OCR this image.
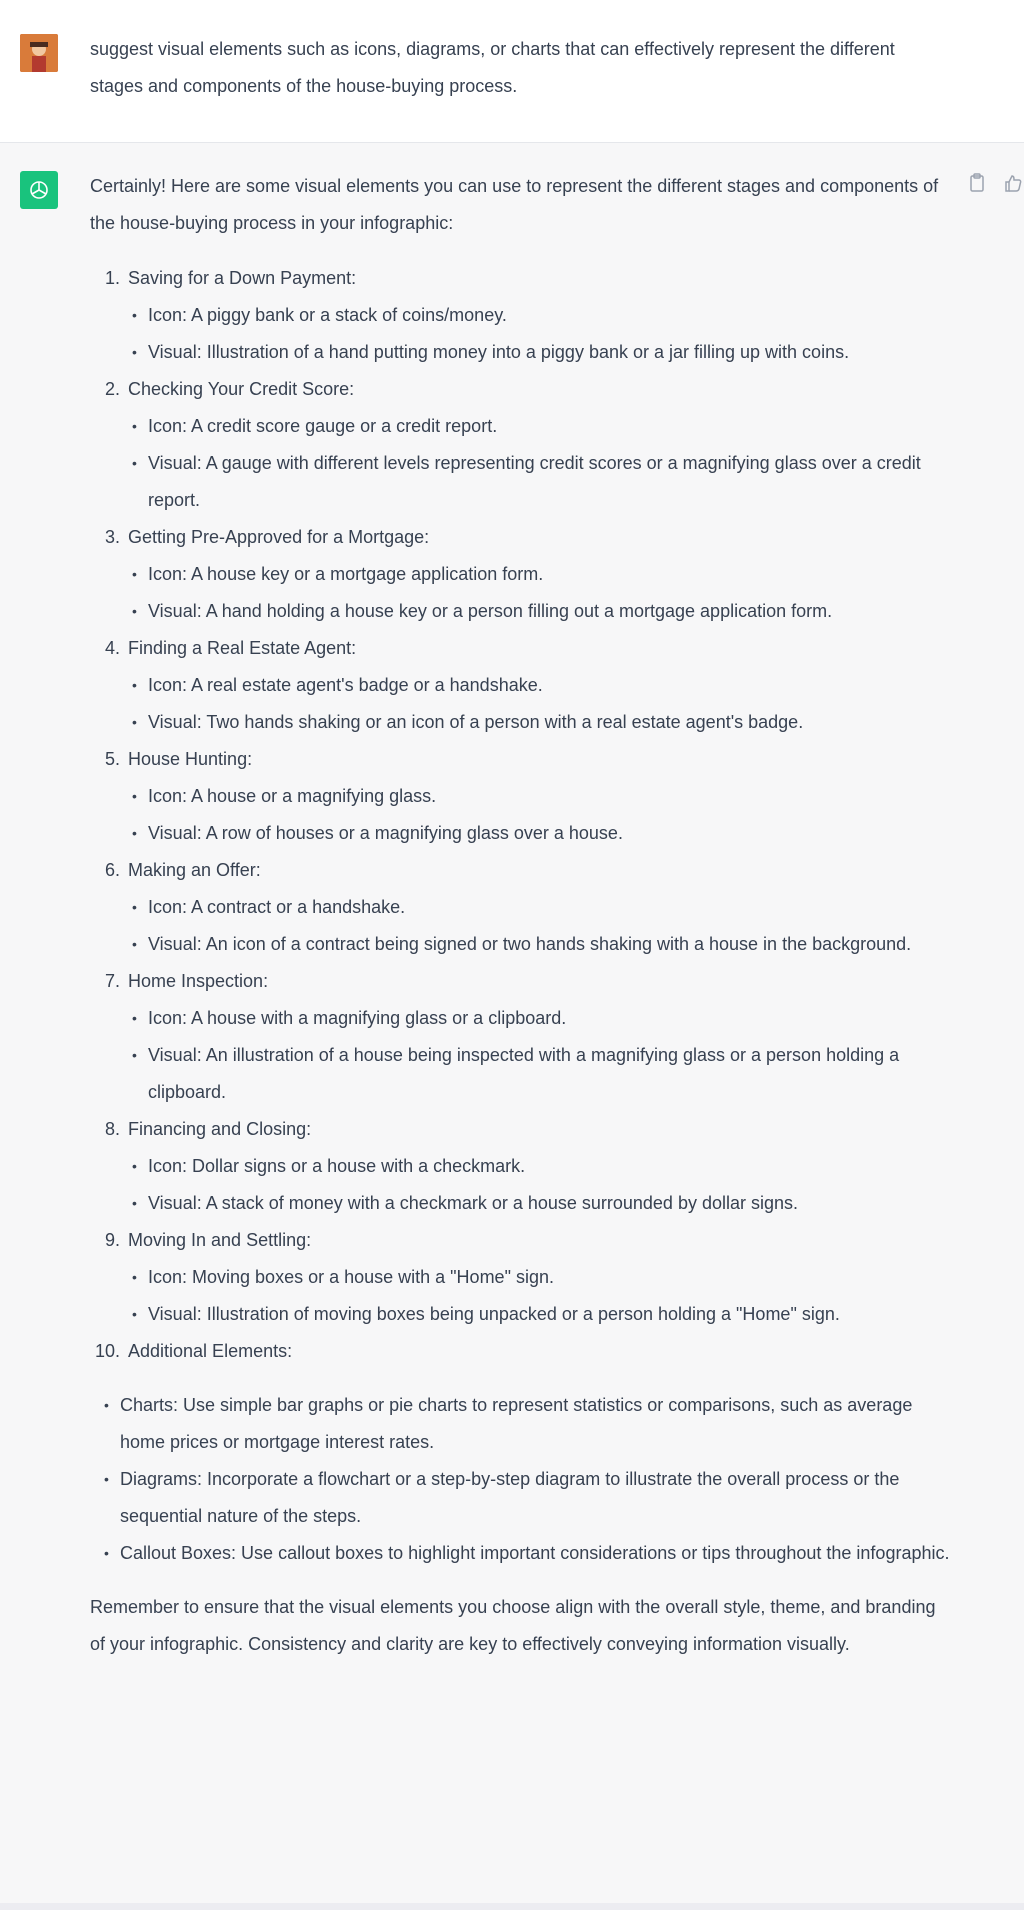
suggest visual elements such as icons, diagrams, or charts that can effectively represent the different stages and components of the house-buying process.

Certainly! Here are some visual elements you can use to represent the different stages and components of the house-buying process in your infographic:

1. Saving for a Down Payment:

• Icon: A piggy bank or a stack of coins/money.

• Visual: Illustration of a hand putting money into a piggy bank or a jar filling up with coins.

2. Checking Your Credit Score:

• Icon: A credit score gauge or a credit report.

• Visual: A gauge with different levels representing credit scores or a magnifying glass over a credit report.

3. Getting Pre-Approved for a Mortgage:

• Icon: A house key or a mortgage application form.

• Visual: A hand holding a house key or a person filling out a mortgage application form.

4. Finding a Real Estate Agent:

• Icon: A real estate agent's badge or a handshake.

• Visual: Two hands shaking or an icon of a person with a real estate agent's badge.

5. House Hunting:

• Icon: A house or a magnifying glass.

• Visual: A row of houses or a magnifying glass over a house.

6. Making an Offer:

• Icon: A contract or a handshake.

• Visual: An icon of a contract being signed or two hands shaking with a house in the background.

7. Home Inspection:

• Icon: A house with a magnifying glass or a clipboard.

• Visual: An illustration of a house being inspected with a magnifying glass or a person holding a clipboard.

8. Financing and Closing:

• Icon: Dollar signs or a house with a checkmark.

• Visual: A stack of money with a checkmark or a house surrounded by dollar signs.

9. Moving In and Settling:

• Icon: Moving boxes or a house with a "Home" sign.

• Visual: Illustration of moving boxes being unpacked or a person holding a "Home" sign.

10. Additional Elements:

• Charts: Use simple bar graphs or pie charts to represent statistics or comparisons, such as average home prices or mortgage interest rates.

• Diagrams: Incorporate a flowchart or a step-by-step diagram to illustrate the overall process or the sequential nature of the steps.

• Callout Boxes: Use callout boxes to highlight important considerations or tips throughout the infographic.

Remember to ensure that the visual elements you choose align with the overall style, theme, and branding of your infographic. Consistency and clarity are key to effectively conveying information visually.
